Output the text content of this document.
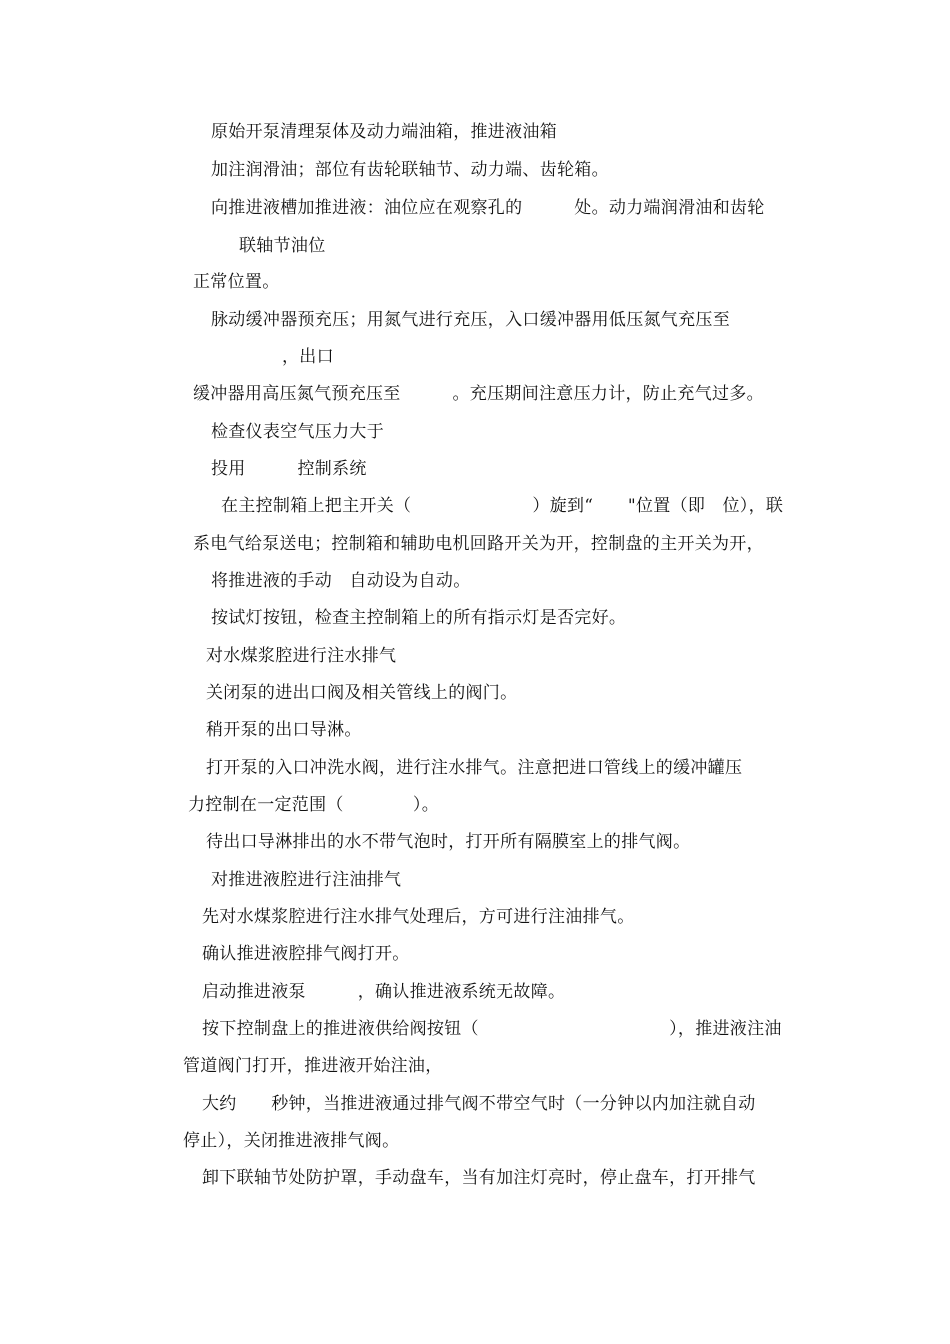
原始开泵清理泵体及动力端油箱，推进液油箱
加注润滑油；部位有齿轮联轴节、动力端、齿轮箱。
向推进液槽加推进液：油位应在观察孔的　　　处。动力端润滑油和齿轮
联轴节油位
正常位置。
脉动缓冲器预充压；用氮气进行充压，入口缓冲器用低压氮气充压至
，出口
缓冲器用高压氮气预充压至　　　。充压期间注意压力计，防止充气过多。
检查仪表空气压力大于
投用　　　控制系统
在主控制箱上把主开关（　　　　　　　）旋到“　　"位置（即　位），联
系电气给泵送电；控制箱和辅助电机回路开关为开，控制盘的主开关为开，
将推进液的手动　自动设为自动。
按试灯按钮，检查主控制箱上的所有指示灯是否完好。
对水煤浆腔进行注水排气
关闭泵的进出口阀及相关管线上的阀门。
稍开泵的出口导淋。
打开泵的入口冲洗水阀，进行注水排气。注意把进口管线上的缓冲罐压
力控制在一定范围（　　　　）。
待出口导淋排出的水不带气泡时，打开所有隔膜室上的排气阀。
对推进液腔进行注油排气
先对水煤浆腔进行注水排气处理后，方可进行注油排气。
确认推进液腔排气阀打开。
启动推进液泵　　　，确认推进液系统无故障。
按下控制盘上的推进液供给阀按钮（　　　　　　　　　　　），推进液注油
管道阀门打开，推进液开始注油，
大约　　秒钟，当推进液通过排气阀不带空气时（一分钟以内加注就自动
停止），关闭推进液排气阀。
卸下联轴节处防护罩，手动盘车，当有加注灯亮时，停止盘车，打开排气
